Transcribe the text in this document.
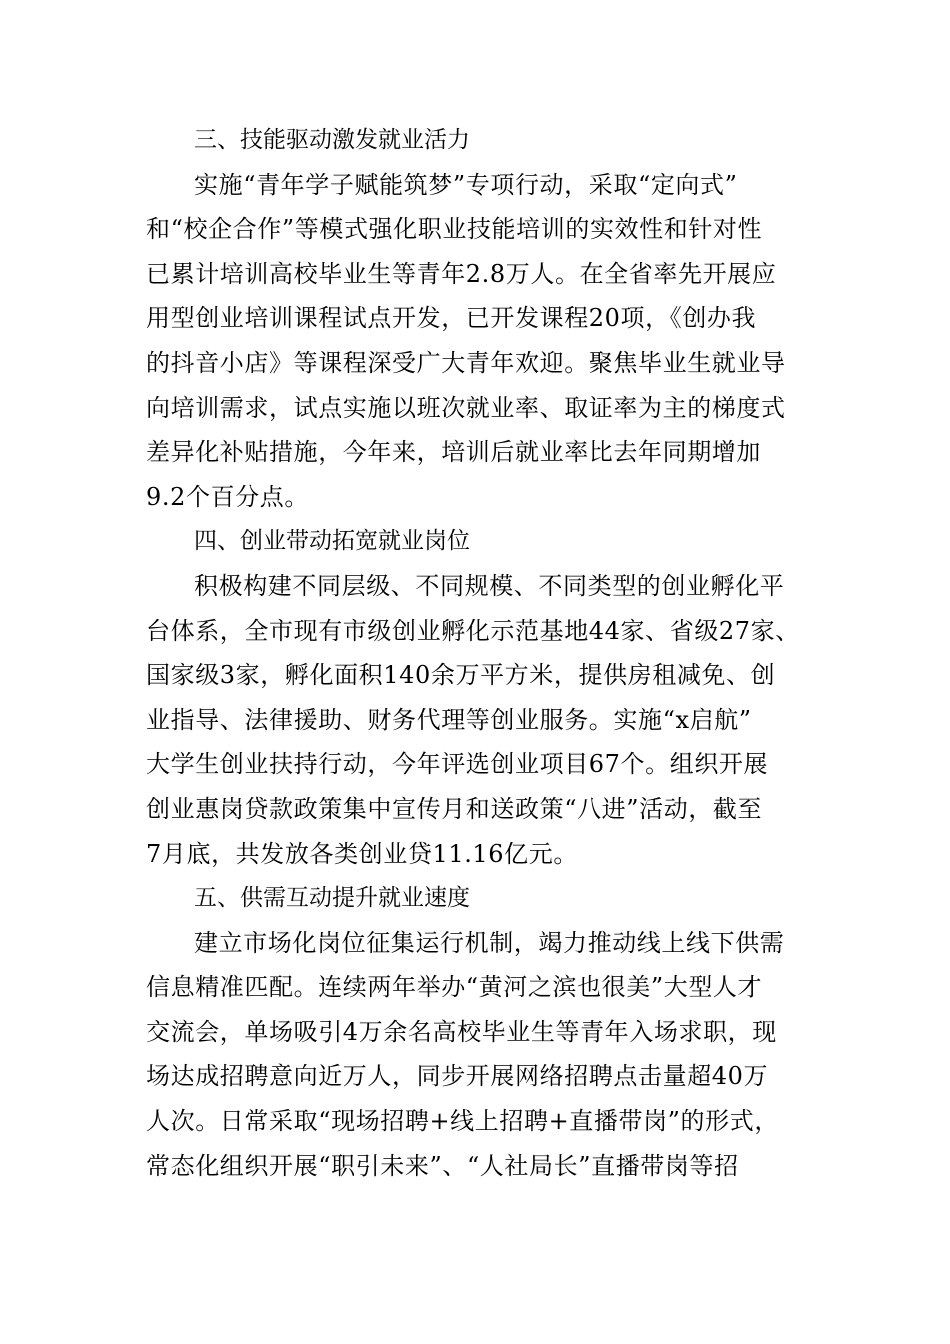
三、技能驱动激发就业活力
实施“青年学子赋能筑梦”专项行动，采取“定向式”
和“校企合作”等模式强化职业技能培训的实效性和针对性
已累计培训高校毕业生等青年2.8万人。在全省率先开展应
用型创业培训课程试点开发，已开发课程20项，《创办我
的抖音小店》等课程深受广大青年欢迎。聚焦毕业生就业导
向培训需求，试点实施以班次就业率、取证率为主的梯度式
差异化补贴措施，今年来，培训后就业率比去年同期增加
9.2个百分点。
四、创业带动拓宽就业岗位
积极构建不同层级、不同规模、不同类型的创业孵化平
台体系，全市现有市级创业孵化示范基地44家、省级27家、
国家级3家，孵化面积140余万平方米，提供房租减免、创
业指导、法律援助、财务代理等创业服务。实施“x启航”
大学生创业扶持行动，今年评选创业项目67个。组织开展
创业惠岗贷款政策集中宣传月和送政策“八进”活动，截至
7月底，共发放各类创业贷11.16亿元。
五、供需互动提升就业速度
建立市场化岗位征集运行机制，竭力推动线上线下供需
信息精准匹配。连续两年举办“黄河之滨也很美”大型人才
交流会，单场吸引4万余名高校毕业生等青年入场求职，现
场达成招聘意向近万人，同步开展网络招聘点击量超40万
人次。日常采取“现场招聘+线上招聘+直播带岗”的形式，
常态化组织开展“职引未来”、“人社局长”直播带岗等招
